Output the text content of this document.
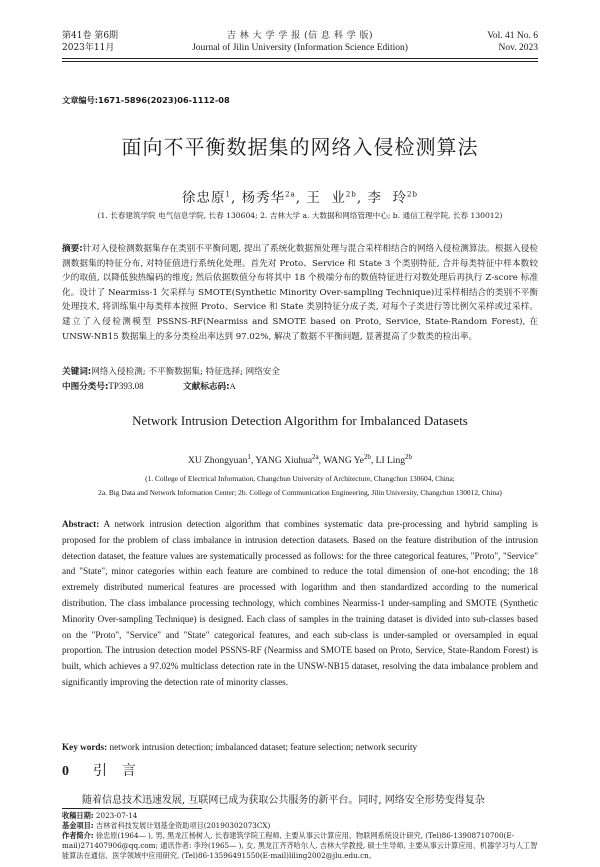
第41卷 第6期
2023年11月
吉 林 大 学 学 报 (信 息 科 学 版)
Journal of Jilin University (Information Science Edition)
Vol. 41 No. 6
Nov. 2023
文章编号:1671-5896(2023)06-1112-08
面向不平衡数据集的网络入侵检测算法
徐忠原$^1$, 杨秀华$^{2a}$, 王  业$^{2b}$, 李  玲$^{2b}$
(1. 长春建筑学院 电气信息学院, 长春 130604; 2. 吉林大学 a. 大数据和网络管理中心; b. 通信工程学院, 长春 130012)
摘要:针对入侵检测数据集存在类别不平衡问题, 提出了系统化数据预处理与混合采样相结合的网络入侵检测算法。根据入侵检测数据集的特征分布, 对特征值进行系统化处理。首先对 Proto、Service 和 State 3 个类别特征, 合并每类特征中样本数较少的取值, 以降低独热编码的维度; 然后依据数值分布将其中 18 个极端分布的数值特征进行对数处理后再执行 Z-score 标准化。设计了 Nearmiss-1 欠采样与 SMOTE(Synthetic Minority Over-sampling Technique)过采样相结合的类别不平衡处理技术, 将训练集中每类样本按照 Proto、Service 和 State 类别特征分成子类, 对每个子类进行等比例欠采样或过采样。建立了入侵检测模型 PSSNS-RF(Nearmiss and SMOTE based on Proto, Service, State-Random Forest), 在 UNSW-NB15 数据集上的多分类检出率达到 97.02%, 解决了数据不平衡问题, 显著提高了少数类的检出率。
关键词:网络入侵检测; 不平衡数据集; 特征选择; 网络安全
中图分类号:TP393.08	文献标志码:A
Network Intrusion Detection Algorithm for Imbalanced Datasets
XU Zhongyuan$^1$, YANG Xiuhua$^{2a}$, WANG $Ye^{2b}$, LI Ling$^{2b}$
(1. College of Electrical Information, Changchun University of Architecture, Changchun 130604, China;
2a. Big Data and Network Information Center; 2b. College of Communication Engineering, Jilin University, Changchun 130012, China)
Abstract: A network intrusion detection algorithm that combines systematic data pre-processing and hybrid sampling is proposed for the problem of class imbalance in intrusion detection datasets. Based on the feature distribution of the intrusion detection dataset, the feature values are systematically processed as follows: for the three categorical features, "Proto", "Service" and "State", minor categories within each feature are combined to reduce the total dimension of one-hot encoding; the 18 extremely distributed numerical features are processed with logarithm and then standardized according to the numerical distribution. The class imbalance processing technology, which combines Nearmiss-1 under-sampling and SMOTE (Synthetic Minority Over-sampling Technique) is designed. Each class of samples in the training dataset is divided into sub-classes based on the "Proto", "Service" and "State" categorical features, and each sub-class is under-sampled or oversampled in equal proportion. The intrusion detection model PSSNS-RF (Nearmiss and SMOTE based on Proto, Service, State-Random Forest) is built, which achieves a 97.02% multiclass detection rate in the UNSW-NB15 dataset, resolving the data imbalance problem and significantly improving the detection rate of minority classes.
Key words: network intrusion detection; imbalanced dataset; feature selection; network security
0 引  言
随着信息技术迅速发展, 互联网已成为获取公共服务的新平台。同时, 网络安全形势变得复杂
收稿日期: 2023-07-14
基金项目: 吉林省科技发展计划基金资助项目(20190302073CX)
作者简介: 徐忠原(1964— ), 男, 黑龙江杨树人, 长春建筑学院工程师, 主要从事云计算应用、物联网系统设计研究, (Tel)86-13908710700(E-mail)271407906@qq.com; 通讯作者: 李玲(1965— ), 女, 黑龙江齐齐哈尔人, 吉林大学教授, 硕士生导师, 主要从事云计算应用、机器学习与人工智能算法在通信、医学领域中应用研究, (Tel)86-13596491550(E-mail)liling2002@jlu.edu.cn。
